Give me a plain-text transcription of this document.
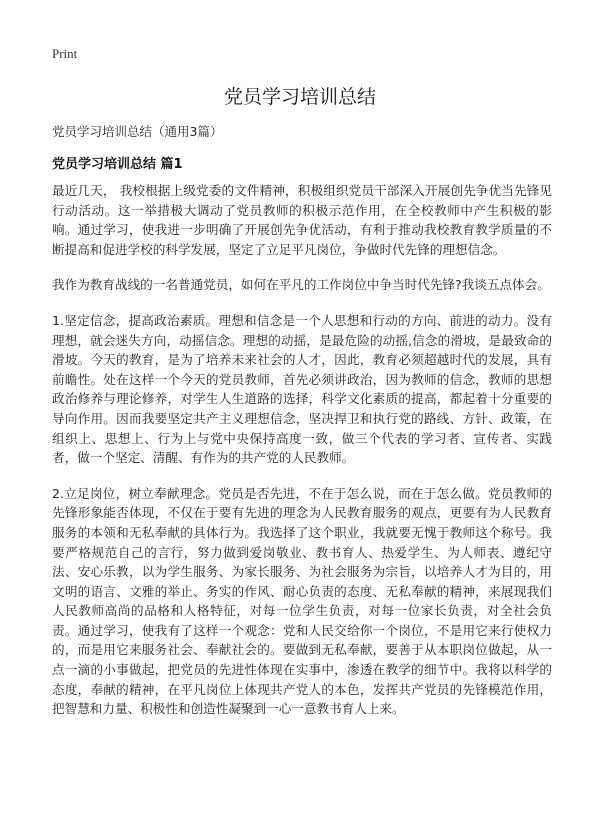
Print
党员学习培训总结

党员学习培训总结（通用3篇）

党员学习培训总结 篇1

最近几天， 我校根据上级党委的文件精神，积极组织党员干部深入开展创先争优当先锋见行动活动。这一举措极大调动了党员教师的积极示范作用，在全校教师中产生积极的影响。通过学习，使我进一步明确了开展创先争优活动，有利于推动我校教育教学质量的不断提高和促进学校的科学发展，坚定了立足平凡岗位，争做时代先锋的理想信念。

我作为教育战线的一名普通党员，如何在平凡的工作岗位中争当时代先锋?我谈五点体会。

1.坚定信念，提高政治素质。理想和信念是一个人思想和行动的方向、前进的动力。没有理想，就会迷失方向，动摇信念。理想的动摇，是最危险的动摇,信念的滑坡，是最致命的滑坡。今天的教育，是为了培养未来社会的人才，因此，教育必须超越时代的发展，具有前瞻性。处在这样一个今天的党员教师，首先必须讲政治，因为教师的信念，教师的思想政治修养与理论修养，对学生人生道路的选择，科学文化素质的提高，都起着十分重要的导向作用。因而我要坚定共产主义理想信念，坚决捍卫和执行党的路线、方针、政策，在组织上、思想上、行为上与党中央保持高度一致，做三个代表的学习者、宣传者、实践者，做一个坚定、清醒、有作为的共产党的人民教师。

2.立足岗位，树立奉献理念。党员是否先进，不在于怎么说，而在于怎么做。党员教师的先锋形象能否体现，不仅在于要有先进的理念为人民教育服务的观点，更要有为人民教育服务的本领和无私奉献的具体行为。我选择了这个职业，我就要无愧于教师这个称号。我要严格规范自己的言行，努力做到爱岗敬业、教书育人、热爱学生、为人师表、遵纪守法、安心乐教，以为学生服务、为家长服务、为社会服务为宗旨，以培养人才为目的，用文明的语言、文雅的举止、务实的作风、耐心负责的态度、无私奉献的精神，来展现我们人民教师高尚的品格和人格特征，对每一位学生负责，对每一位家长负责，对全社会负责。通过学习，使我有了这样一个观念：党和人民交给你一个岗位，不是用它来行使权力的，而是用它来服务社会、奉献社会的。要做到无私奉献，要善于从本职岗位做起，从一点一滴的小事做起，把党员的先进性体现在实事中，渗透在教学的细节中。我将以科学的态度，奉献的精神，在平凡岗位上体现共产党人的本色，发挥共产党员的先锋模范作用，把智慧和力量、积极性和创造性凝聚到一心一意教书育人上来。
